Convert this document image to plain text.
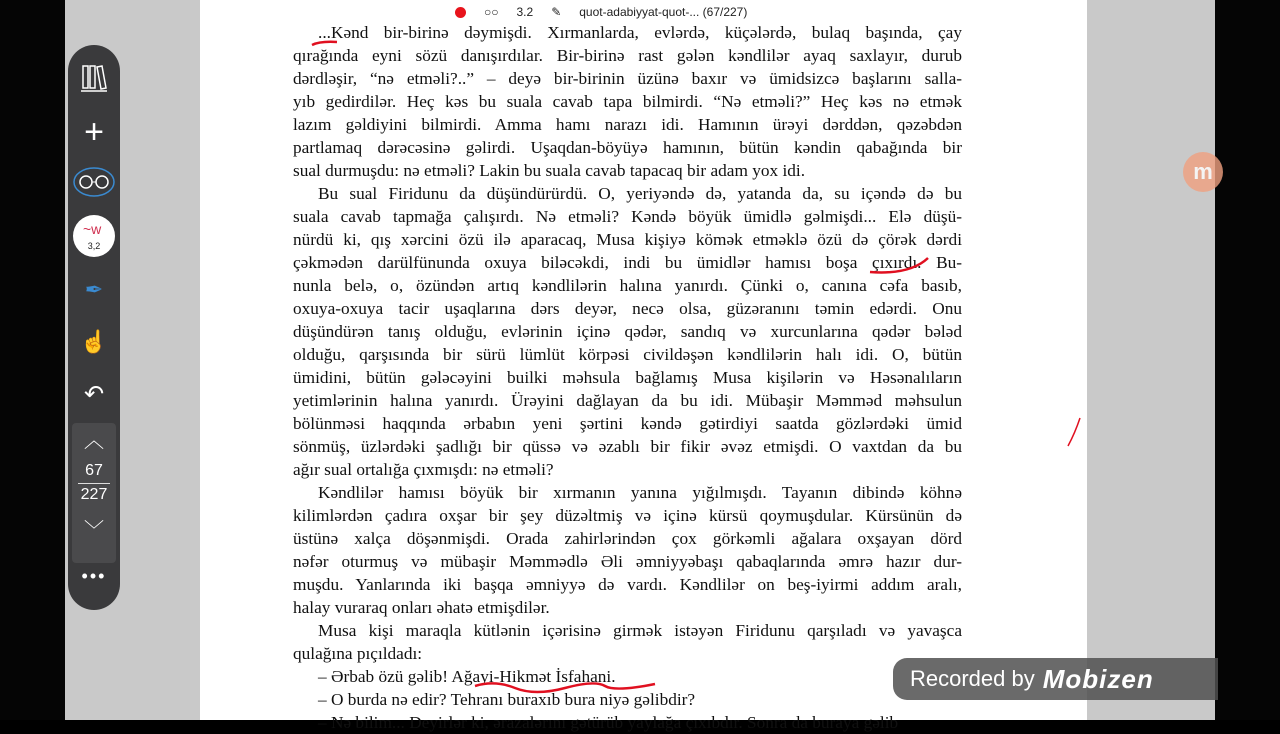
○○ 3.2 ✎ quot-adabiyyat-quot-... (67/227)
...Kənd bir-birinə dəymişdi. Xırmanlarda, evlərdə, küçələrdə, bulaq başında, çay
qırağında eyni sözü danışırdılar. Bir-birinə rast gələn kəndlilər ayaq saxlayır, durub
dərdləşir, “nə etməli?..” – deyə bir-birinin üzünə baxır və ümidsizcə başlarını salla-
yıb gedirdilər. Heç kəs bu suala cavab tapa bilmirdi. “Nə etməli?” Heç kəs nə etmək
lazım gəldiyini bilmirdi. Amma hamı narazı idi. Hamının ürəyi dərddən, qəzəbdən
partlamaq dərəcəsinə gəlirdi. Uşaqdan-böyüyə hamının, bütün kəndin qabağında bir
sual durmuşdu: nə etməli? Lakin bu suala cavab tapacaq bir adam yox idi.
Bu sual Firidunu da düşündürürdü. O, yeriyəndə də, yatanda da, su içəndə də bu
suala cavab tapmağa çalışırdı. Nə etməli? Kəndə böyük ümidlə gəlmişdi... Elə düşü-
nürdü ki, qış xərcini özü ilə aparacaq, Musa kişiyə kömək etməklə özü də çörək dərdi
çəkmədən darülfünunda oxuya biləcəkdi, indi bu ümidlər hamısı boşa çıxırdı. Bu-
nunla belə, o, özündən artıq kəndlilərin halına yanırdı. Çünki o, canına cəfa basıb,
oxuya-oxuya tacir uşaqlarına dərs deyər, necə olsa, güzəranını təmin edərdi. Onu
düşündürən tanış olduğu, evlərinin içinə qədər, sandıq və xurcunlarına qədər bələd
olduğu, qarşısında bir sürü lümlüt körpəsi civildəşən kəndlilərin halı idi. O, bütün
ümidini, bütün gələcəyini builki məhsula bağlamış Musa kişilərin və Həsənalıların
yetimlərinin halına yanırdı. Ürəyini dağlayan da bu idi. Mübaşir Məmməd məhsulun
bölünməsi haqqında ərbabın yeni şərtini kəndə gətirdiyi saatda gözlərdəki ümid
sönmüş, üzlərdəki şadlığı bir qüssə və əzablı bir fikir əvəz etmişdi. O vaxtdan da bu
ağır sual ortalığa çıxmışdı: nə etməli?
Kəndlilər hamısı böyük bir xırmanın yanına yığılmışdı. Tayanın dibində köhnə
kilimlərdən çadıra oxşar bir şey düzəltmiş və içinə kürsü qoymuşdular. Kürsünün də
üstünə xalça döşənmişdi. Orada zahirlərindən çox görkəmli ağalara oxşayan dörd
nəfər oturmuş və mübaşir Məmmədlə Əli əmniyyəbaşı qabaqlarında əmrə hazır dur-
muşdu. Yanlarında iki başqa əmniyyə də vardı. Kəndlilər on beş-iyirmi addım aralı,
halay vuraraq onları əhatə etmişdilər.
Musa kişi maraqla kütlənin içərisinə girmək istəyən Firidunu qarşıladı və yavaşca
qulağına pıçıldadı:
– Ərbab özü gəlib! Ağayi-Hikmət İsfahani.
– O burda nə edir? Tehranı buraxıb bura niyə gəlibdir?
– Nə bilim... Deyirlər ki, ərazalərını gətürüb yaylağa çıxıbdır. Sonra da buraya gəlib
+
~w
3,2
✒
☝
↶
︿
67
227
﹀
•••
m
Recorded by Mobizen
